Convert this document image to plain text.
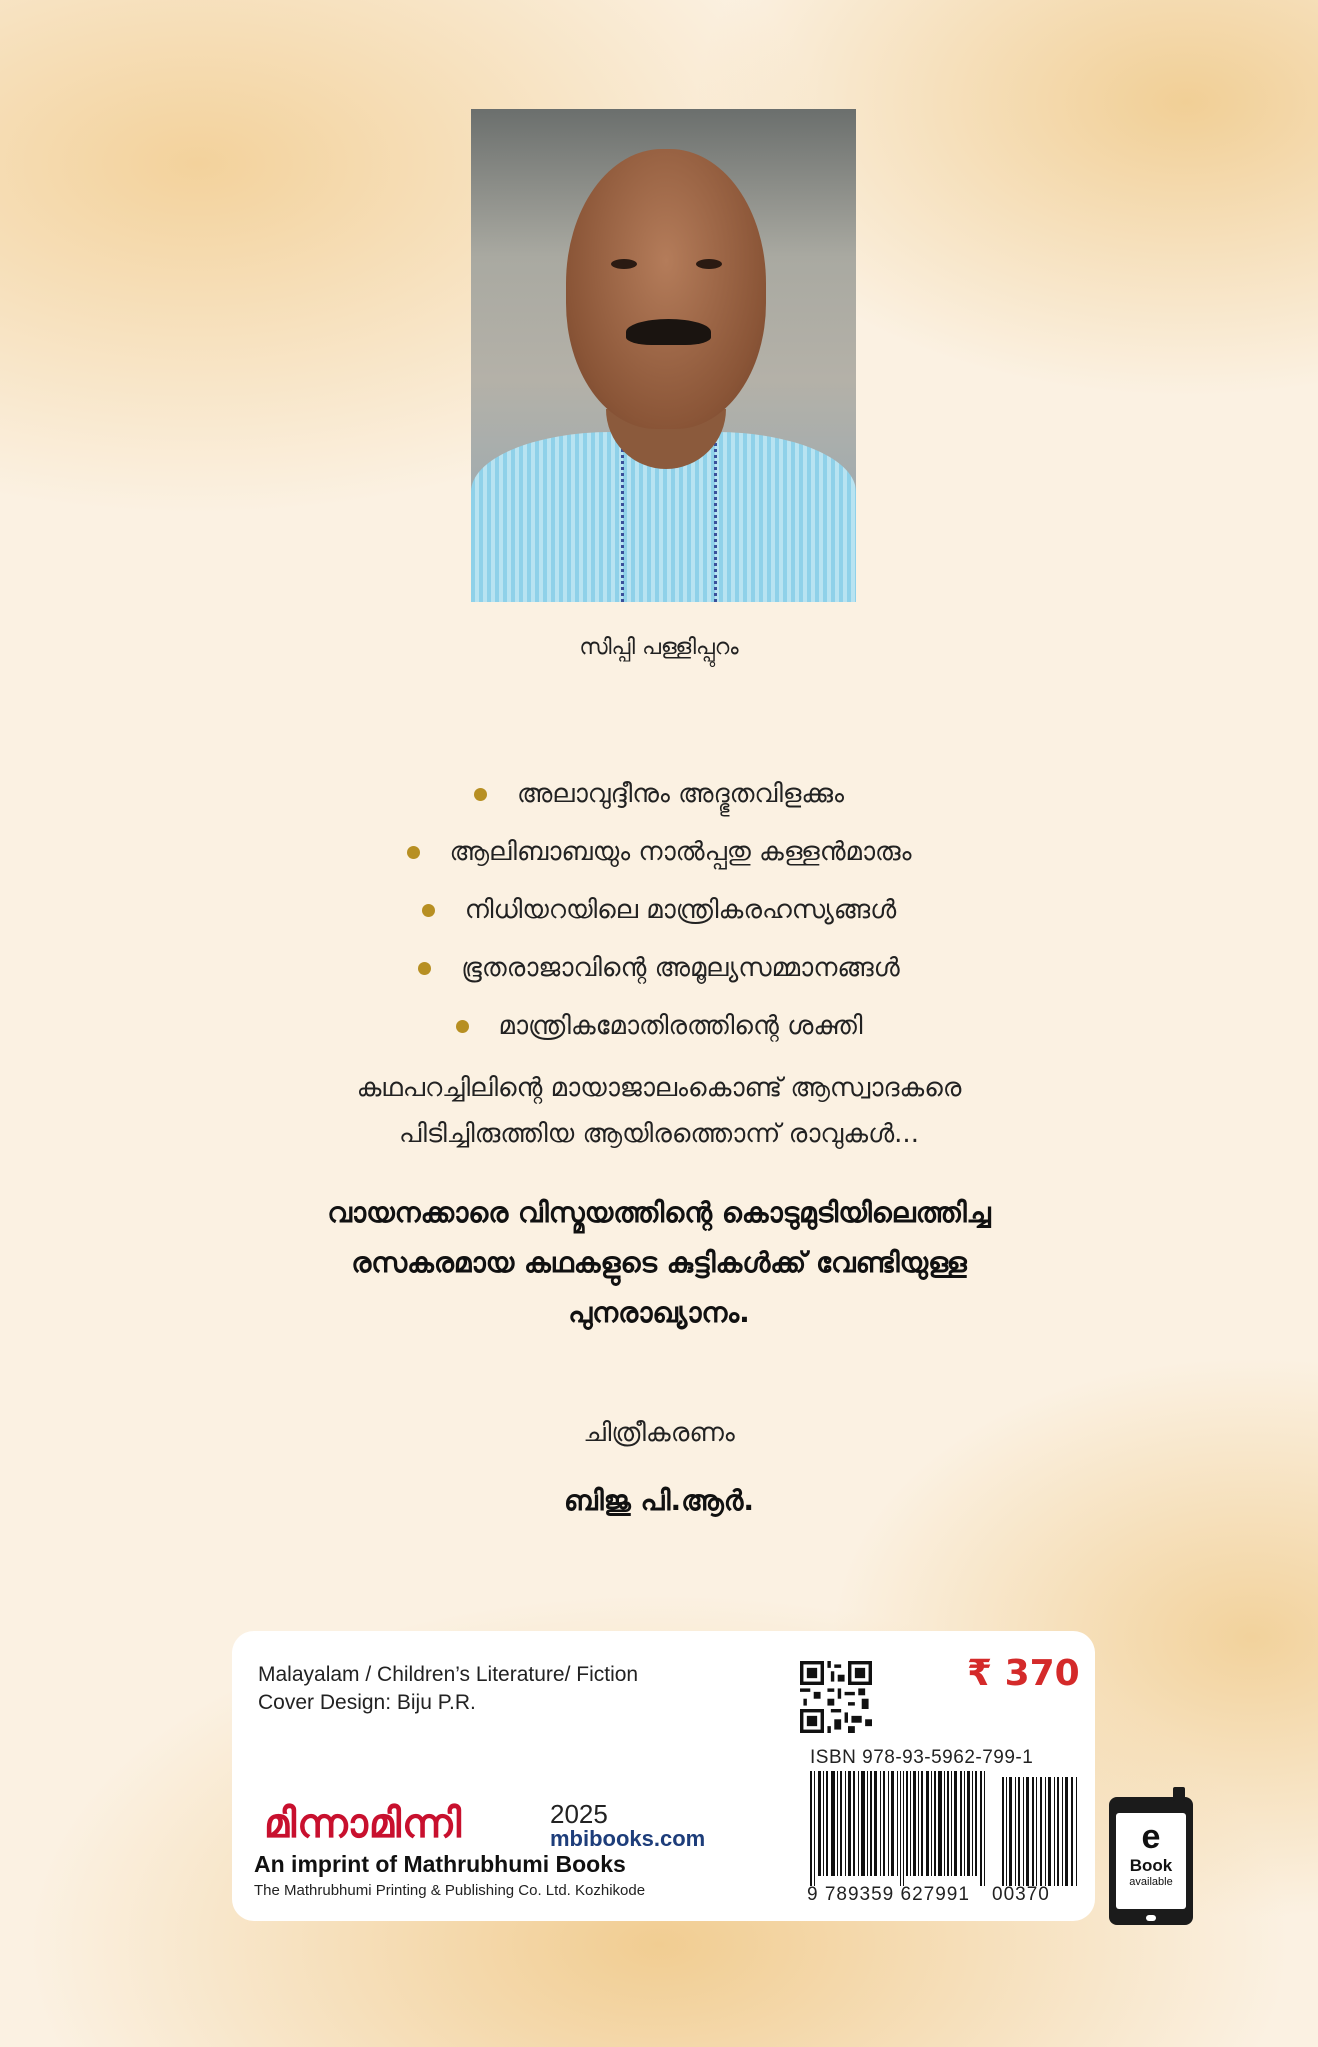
സിപ്പി പള്ളിപ്പുറം
അലാവുദ്ദീനും അദ്ഭുതവിളക്കും
ആലിബാബയും നാൽപ്പതു കള്ളൻമാരും
നിധിയറയിലെ മാന്ത്രികരഹസ്യങ്ങൾ
ഭൂതരാജാവിന്റെ അമൂല്യസമ്മാനങ്ങൾ
മാന്ത്രികമോതിരത്തിന്റെ ശക്തി
കഥപറച്ചിലിന്റെ മായാജാലംകൊണ്ട് ആസ്വാദകരെ
പിടിച്ചിരുത്തിയ ആയിരത്തൊന്ന് രാവുകൾ...
വായനക്കാരെ വിസ്മയത്തിന്റെ കൊടുമുടിയിലെത്തിച്ച
രസകരമായ കഥകളുടെ കുട്ടികൾക്ക് വേണ്ടിയുള്ള
പുനരാഖ്യാനം.
ചിത്രീകരണം
ബിജു പി.ആർ.
Malayalam / Children’s Literature/ Fiction
Cover Design: Biju P.R.
₹ 370
ISBN 978-93-5962-799-1
9 789359 627991 00370
മിന്നാമിന്നി	2025
mbibooks.com
An imprint of Mathrubhumi Books
The Mathrubhumi Printing & Publishing Co. Ltd. Kozhikode
e
Book
available
